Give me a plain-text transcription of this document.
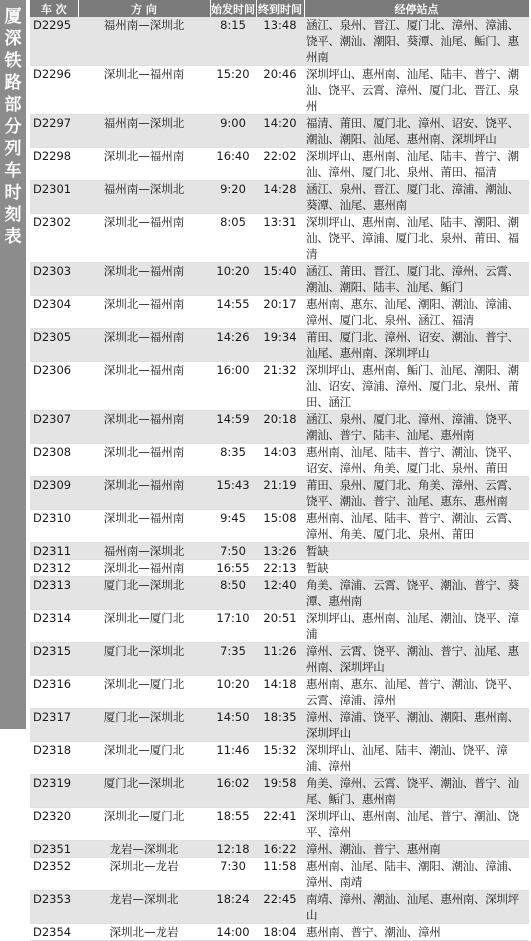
厦
深
铁
路
部
分
列
车
时
刻
表
车 次	方 向	始发时间	终到时间	经停站点
D2295	福州南—深圳北	8:15	13:48	涵江、泉州、晋江、厦门北、漳州、漳浦、饶平、潮汕、潮阳、葵潭、汕尾、鲘门、惠州南
D2296	深圳北—福州南	15:20	20:46	深圳坪山、惠州南、汕尾、陆丰、普宁、潮汕、饶平、云霄、漳州、厦门北、晋江、泉州
D2297	福州南—深圳北	9:00	14:20	福清、莆田、厦门北、漳州、诏安、饶平、潮汕、潮阳、汕尾、惠州南、深圳坪山
D2298	深圳北—福州南	16:40	22:02	深圳坪山、惠州南、汕尾、陆丰、普宁、潮汕、漳州、厦门北、泉州、莆田、福清
D2301	福州南—深圳北	9:20	14:28	涵江、泉州、晋江、厦门北、漳浦、潮汕、葵潭、汕尾、惠州南
D2302	深圳北—福州南	8:05	13:31	深圳坪山、惠州南、汕尾、陆丰、潮阳、潮汕、饶平、漳浦、厦门北、泉州、莆田、福清
D2303	深圳北—福州南	10:20	15:40	涵江、莆田、晋江、厦门北、漳州、云霄、潮汕、潮阳、陆丰、汕尾、鲘门
D2304	深圳北—福州南	14:55	20:17	惠州南、惠东、汕尾、潮阳、潮汕、漳浦、漳州、厦门北、泉州、涵江、福清
D2305	深圳北—福州南	14:26	19:34	莆田、厦门北、漳州、诏安、潮汕、普宁、汕尾、惠州南、深圳坪山
D2306	深圳北—福州南	16:00	21:32	深圳坪山、惠州南、鲘门、汕尾、潮阳、潮汕、诏安、漳浦、漳州、厦门北、泉州、莆田、涵江
D2307	深圳北—福州南	14:59	20:18	涵江、泉州、厦门北、漳州、漳浦、饶平、潮汕、普宁、陆丰、汕尾、惠州南
D2308	深圳北—福州南	8:35	14:03	惠州南、汕尾、陆丰、普宁、潮汕、饶平、诏安、漳州、角美、厦门北、泉州、莆田
D2309	深圳北—福州南	15:43	21:19	莆田、泉州、厦门北、角美、漳州、云霄、饶平、潮汕、普宁、汕尾、惠东、惠州南
D2310	深圳北—福州南	9:45	15:08	惠州南、汕尾、陆丰、普宁、潮汕、云霄、漳州、角美、厦门北、泉州、莆田
D2311	福州南—深圳北	7:50	13:26	暂缺
D2312	深圳北—福州南	16:55	22:13	暂缺
D2313	厦门北—深圳北	8:50	12:40	角美、漳浦、云霄、饶平、潮汕、普宁、葵潭、惠州南
D2314	深圳北—厦门北	17:10	20:51	深圳坪山、惠州南、汕尾、潮汕、饶平、漳浦
D2315	厦门北—深圳北	7:35	11:26	漳州、云霄、饶平、潮汕、普宁、汕尾、惠州南、深圳坪山
D2316	深圳北—厦门北	10:20	14:18	惠州南、惠东、汕尾、普宁、潮汕、饶平、云霄、漳浦、漳州
D2317	厦门北—深圳北	14:50	18:35	漳州、漳浦、饶平、潮汕、潮阳、惠州南、深圳坪山
D2318	深圳北—厦门北	11:46	15:32	深圳坪山、汕尾、陆丰、潮汕、饶平、漳浦、漳州
D2319	厦门北—深圳北	16:02	19:58	角美、漳州、云霄、饶平、潮汕、普宁、汕尾、鲘门、惠州南
D2320	深圳北—厦门北	18:55	22:41	深圳坪山、惠州南、汕尾、普宁、潮汕、饶平、漳州
D2351	龙岩—深圳北	12:18	16:22	漳州、潮汕、普宁、惠州南
D2352	深圳北—龙岩	7:30	11:58	惠州南、汕尾、陆丰、潮阳、潮汕、漳浦、漳州、南靖
D2353	龙岩—深圳北	18:24	22:45	南靖、漳州、潮汕、汕尾、惠州南、深圳坪山
D2354	深圳北—龙岩	14:00	18:04	惠州南、普宁、潮汕、漳州
